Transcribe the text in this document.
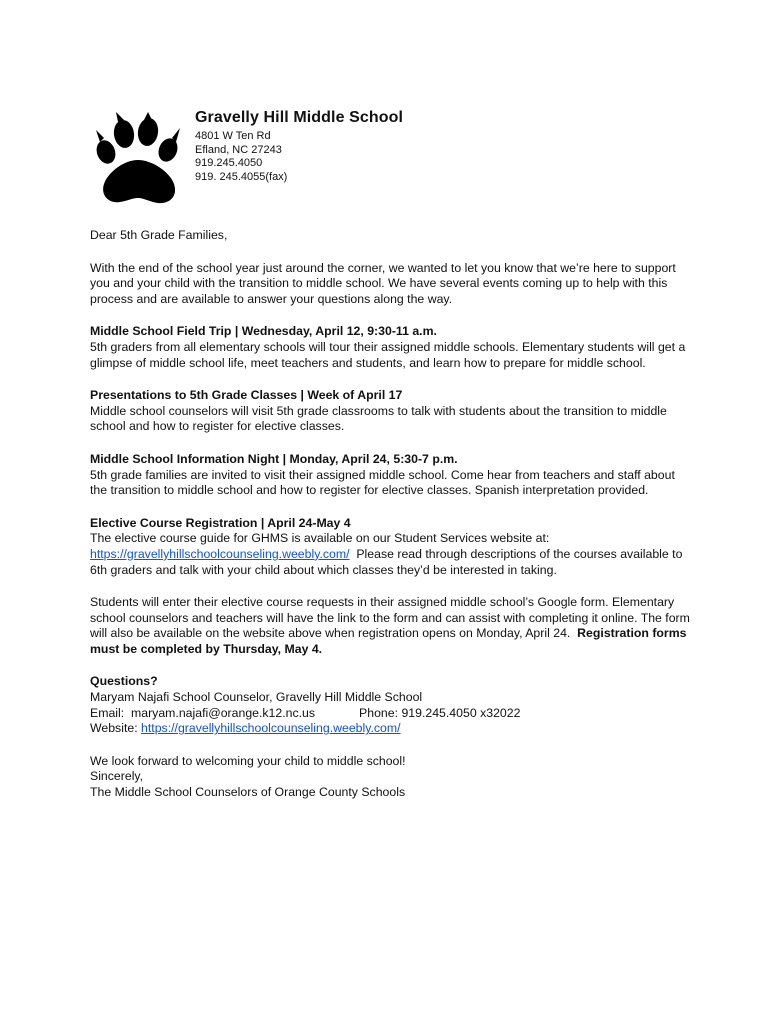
Gravelly Hill Middle School
4801 W Ten Rd
Efland, NC 27243
919.245.4050
919. 245.4055(fax)

Dear 5th Grade Families,

With the end of the school year just around the corner, we wanted to let you know that we’re here to support you and your child with the transition to middle school. We have several events coming up to help with this process and are available to answer your questions along the way.

Middle School Field Trip | Wednesday, April 12, 9:30-11 a.m.

5th graders from all elementary schools will tour their assigned middle schools. Elementary students will get a glimpse of middle school life, meet teachers and students, and learn how to prepare for middle school.

Presentations to 5th Grade Classes | Week of April 17

Middle school counselors will visit 5th grade classrooms to talk with students about the transition to middle school and how to register for elective classes.

Middle School Information Night | Monday, April 24, 5:30-7 p.m.

5th grade families are invited to visit their assigned middle school. Come hear from teachers and staff about the transition to middle school and how to register for elective classes. Spanish interpretation provided.

Elective Course Registration | April 24-May 4

The elective course guide for GHMS is available on our Student Services website at: https://gravellyhillschoolcounseling.weebly.com/  Please read through descriptions of the courses available to 6th graders and talk with your child about which classes they’d be interested in taking.

Students will enter their elective course requests in their assigned middle school’s Google form. Elementary school counselors and teachers will have the link to the form and can assist with completing it online. The form will also be available on the website above when registration opens on Monday, April 24.  Registration forms must be completed by Thursday, May 4.

Questions?

Maryam Najafi School Counselor, Gravelly Hill Middle School

Email:  maryam.najafi@orange.k12.nc.us	Phone: 919.245.4050 x32022

Website: https://gravellyhillschoolcounseling.weebly.com/

We look forward to welcoming your child to middle school!

Sincerely,

The Middle School Counselors of Orange County Schools
